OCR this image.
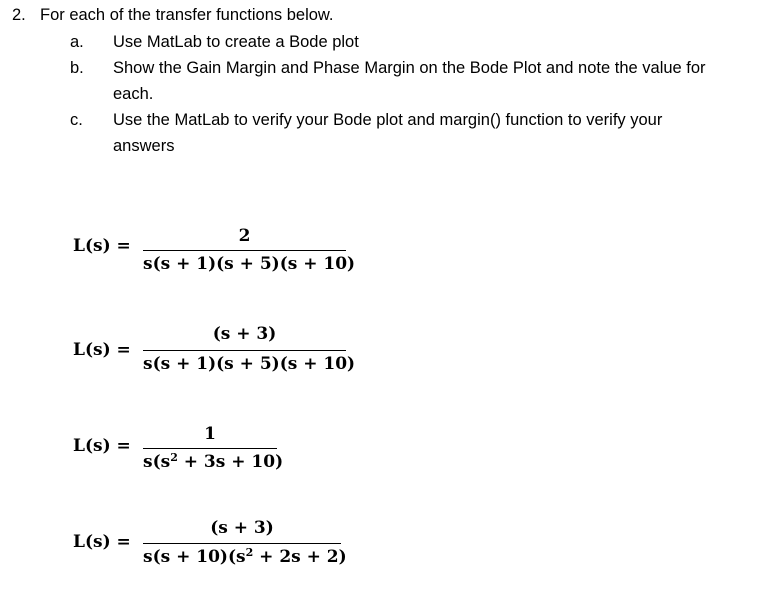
2. For each of the transfer functions below.
a. Use MatLab to create a Bode plot
b. Show the Gain Margin and Phase Margin on the Bode Plot and note the value for
each.
c. Use the MatLab to verify your Bode plot and margin() function to verify your
answers
L(s) =	2
s(s + 1)(s + 5)(s + 10)
L(s) =
(s + 3)
s(s + 1)(s + 5)(s + 10)
L(s) =
1
$s(s^2 + 3s + 10)$
L(s) =
(s + 3)
$s(s + 10)(s^2 + 2s + 2)$
